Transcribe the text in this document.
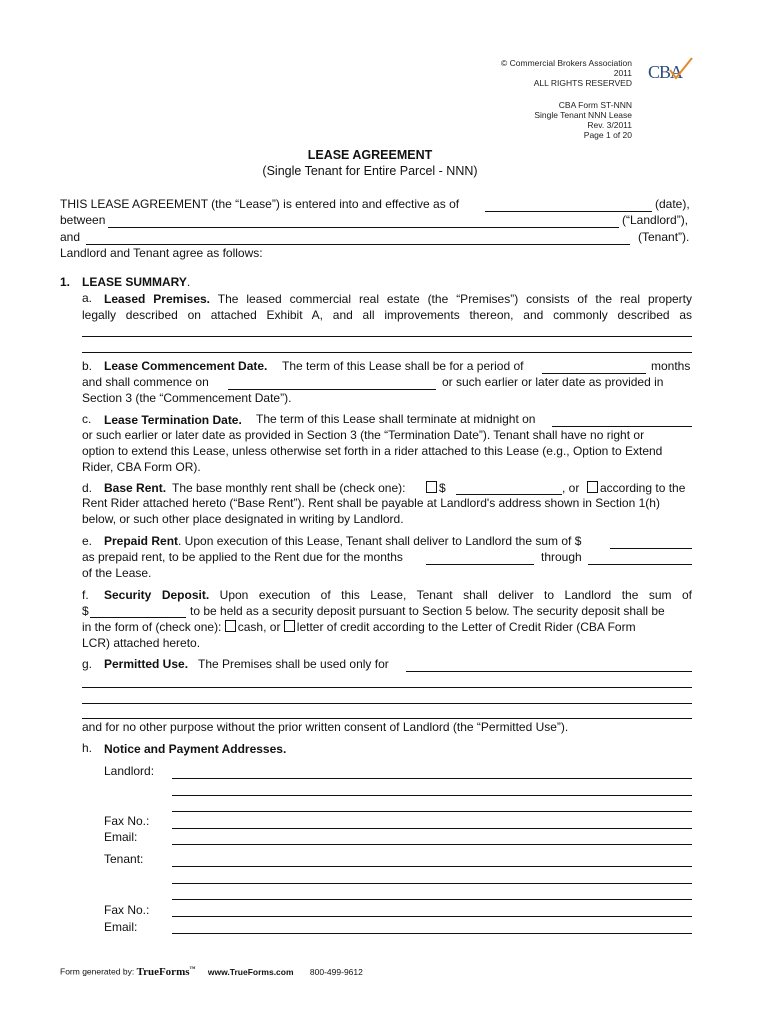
© Commercial Brokers Association
2011
ALL RIGHTS RESERVED
CBA
CBA Form ST-NNN
Single Tenant NNN Lease
Rev. 3/2011
Page 1 of 20
LEASE AGREEMENT
(Single Tenant for Entire Parcel - NNN)
THIS LEASE AGREEMENT (the “Lease”) is entered into and effective as of	(date),
between	(“Landlord”),
and	(Tenant”).
Landlord and Tenant agree as follows:
1. LEASE SUMMARY.
a. Leased Premises. The leased commercial real estate (the “Premises”) consists of the real property
legally described on attached Exhibit A, and all improvements thereon, and commonly described as
b. Lease Commencement Date. The term of this Lease shall be for a period of	months
and shall commence on	or such earlier or later date as provided in
Section 3 (the “Commencement Date”).
c. Lease Termination Date. The term of this Lease shall terminate at midnight on
or such earlier or later date as provided in Section 3 (the “Termination Date”). Tenant shall have no right or
option to extend this Lease, unless otherwise set forth in a rider attached to this Lease (e.g., Option to Extend
Rider, CBA Form OR).
d. Base Rent. The base monthly rent shall be (check one):	$	, or	according to the
Rent Rider attached hereto (“Base Rent”). Rent shall be payable at Landlord's address shown in Section 1(h)
below, or such other place designated in writing by Landlord.
e. Prepaid Rent. Upon execution of this Lease, Tenant shall deliver to Landlord the sum of $
as prepaid rent, to be applied to the Rent due for the months	through
of the Lease.
f. Security Deposit. Upon execution of this Lease, Tenant shall deliver to Landlord the sum of
$	to be held as a security deposit pursuant to Section 5 below. The security deposit shall be
in the form of (check one): cash, or letter of credit according to the Letter of Credit Rider (CBA Form
LCR) attached hereto.
g. Permitted Use. The Premises shall be used only for
and for no other purpose without the prior written consent of Landlord (the “Permitted Use”).
h. Notice and Payment Addresses.
Landlord:
Fax No.:
Email:
Tenant:
Fax No.:
Email:
Form generated by: TrueForms™ www.TrueForms.com 800-499-9612
